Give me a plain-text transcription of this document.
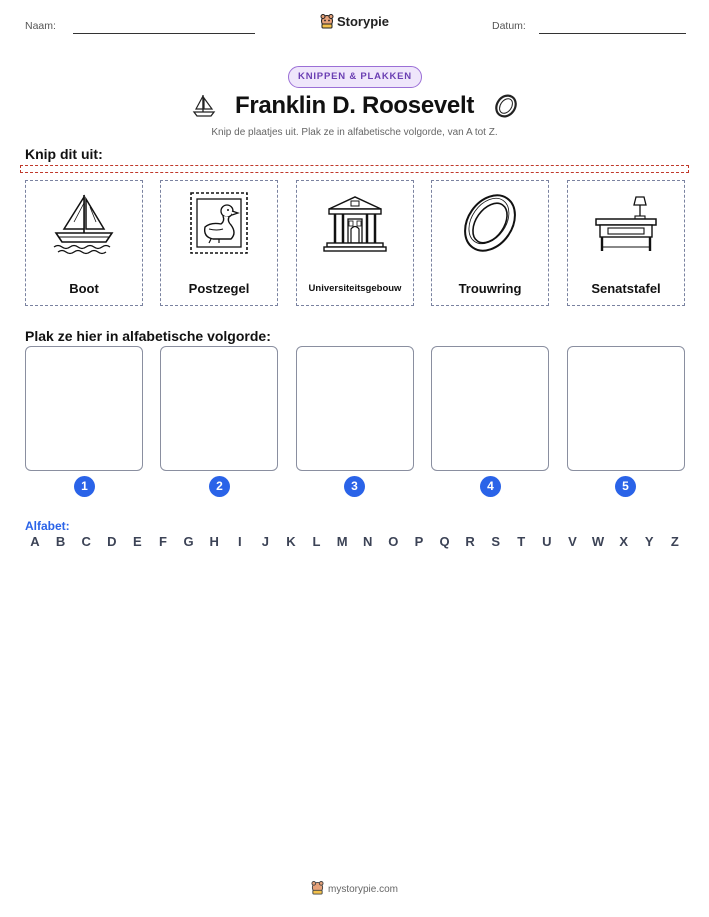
Naam:	Storypie	Datum:
KNIPPEN & PLAKKEN
Franklin D. Roosevelt
Knip de plaatjes uit. Plak ze in alfabetische volgorde, van A tot Z.
Knip dit uit:
Boot	Postzegel	Universiteitsgebouw	Trouwring	Senatstafel
Plak ze hier in alfabetische volgorde:
1	2	3	4	5
Alfabet:
A	B	C	D	E	F	G	H	I	J	K	L	M	N	O	P	Q	R	S	T	U	V	W	X	Y	Z
mystorypie.com
